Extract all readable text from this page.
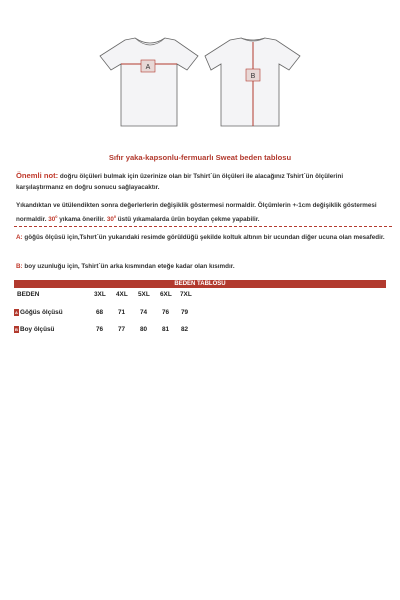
A
B
Sıfır yaka-kapsonlu-fermuarlı Sweat beden tablosu
Önemli not: doğru ölçüleri bulmak için üzerinize olan bir Tshirt`ün ölçüleri ile alacağınız Tshirt`ün ölçülerini karşılaştırmanız en doğru sonucu sağlayacaktır.
Yıkandıktan ve ütülendikten sonra değerlerlerin değişiklik göstermesi normaldir. Ölçümlerin +-1cm değişiklik göstermesi normaldir. $30^0$ yıkama önerilir. $30^0$ üstü yıkamalarda ürün boydan çekme yapabilir.
A: göğüs ölçüsü için,Tshırt`ün yukarıdaki resimde görüldüğü şekilde koltuk altının bir ucundan diğer ucuna olan mesafedir.
B: boy uzunluğu için, Tshirt`ün arka kısmından eteğe kadar olan kısımdır.
BEDEN TABLOSU
BEDEN	3XL	4XL	5XL	6XL	7XL
A Göğüs ölçüsü	68	71	74	76	79
B Boy ölçüsü	76	77	80	81	82
